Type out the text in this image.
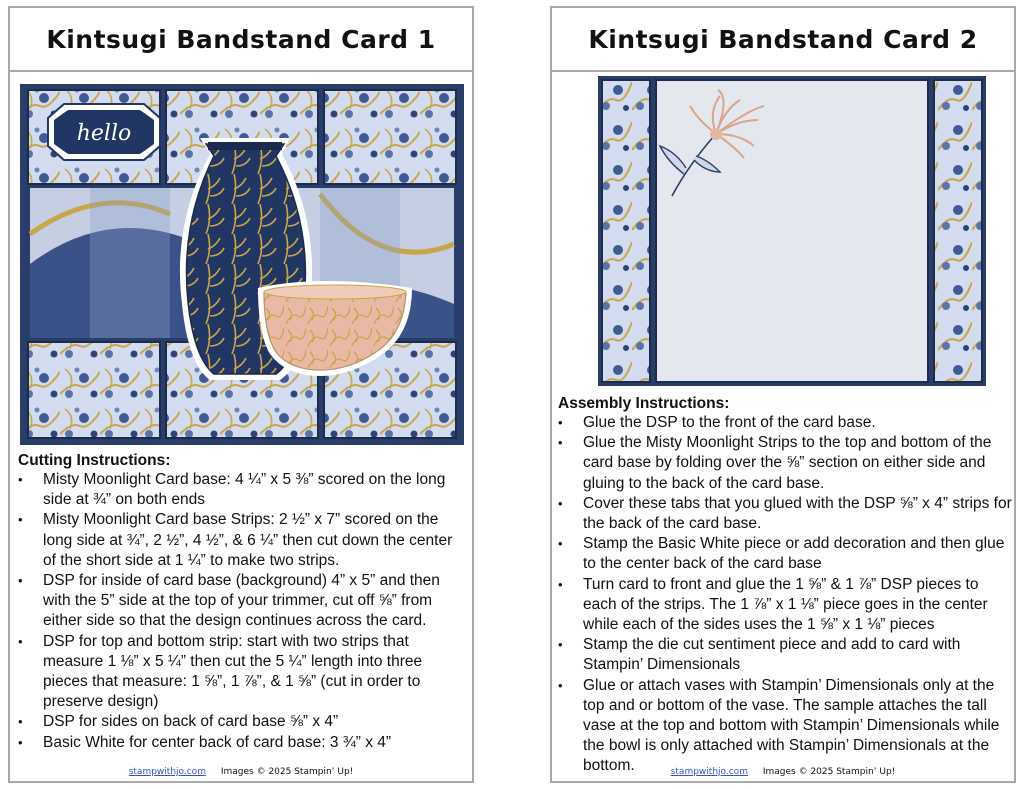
Kintsugi Bandstand Card 1
hello
Cutting Instructions:
• Misty Moonlight Card base: 4 ¼” x 5 ⅜” scored on the long side at ¾” on both ends
• Misty Moonlight Card base Strips: 2 ½” x 7” scored on the long side at ¾”, 2 ½”, 4 ½”, & 6 ¼” then cut down the center of the short side at 1 ¼” to make two strips.
• DSP for inside of card base (background) 4” x 5” and then with the 5” side at the top of your trimmer, cut off ⅝” from either side so that the design continues across the card.
• DSP for top and bottom strip: start with two strips that measure 1 ⅛” x 5 ¼” then cut the 5 ¼” length into three pieces that measure: 1 ⅝”, 1 ⅞”, & 1 ⅝” (cut in order to preserve design)
• DSP for sides on back of card base ⅝” x 4”
• Basic White for center back of card base: 3 ¾” x 4”
stampwithjo.com Images © 2025 Stampin’ Up!
Kintsugi Bandstand Card 2
Assembly Instructions:
• Glue the DSP to the front of the card base.
• Glue the Misty Moonlight Strips to the top and bottom of the card base by folding over the ⅝” section on either side and gluing to the back of the card base.
• Cover these tabs that you glued with the DSP ⅝” x 4” strips for the back of the card base.
• Stamp the Basic White piece or add decoration and then glue to the center back of the card base
• Turn card to front and glue the 1 ⅝” & 1 ⅞” DSP pieces to each of the strips. The 1 ⅞” x 1 ⅛” piece goes in the center while each of the sides uses the 1 ⅝” x 1 ⅛” pieces
• Stamp the die cut sentiment piece and add to card with Stampin’ Dimensionals
• Glue or attach vases with Stampin’ Dimensionals only at the top and or bottom of the vase. The sample attaches the tall vase at the top and bottom with Stampin’ Dimensionals while the bowl is only attached with Stampin’ Dimensionals at the bottom.	stampwithjo.com Images © 2025 Stampin’ Up!
